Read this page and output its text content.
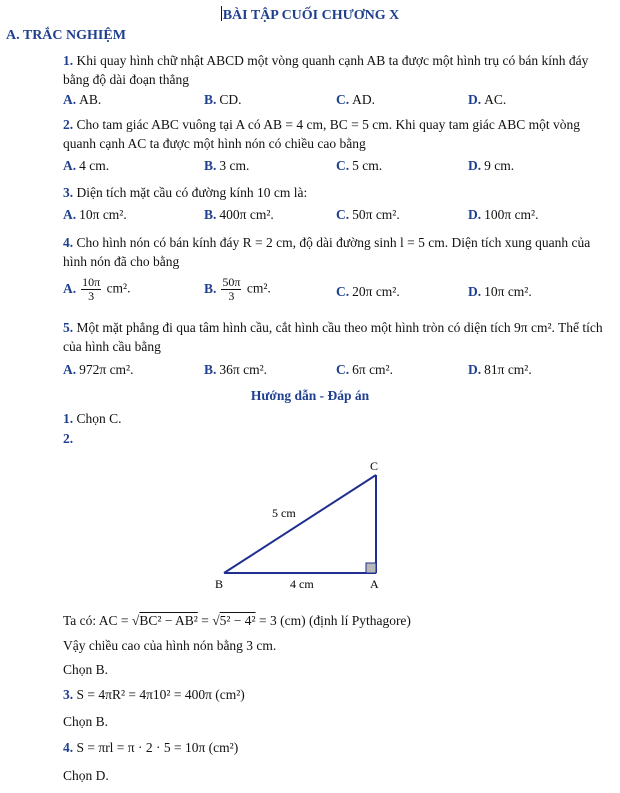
BÀI TẬP CUỐI CHƯƠNG X
A. TRẮC NGHIỆM
1. Khi quay hình chữ nhật ABCD một vòng quanh cạnh AB ta được một hình trụ có bán kính đáy bằng độ dài đoạn thẳng
A. AB.	B. CD.	C. AD.	D. AC.
2. Cho tam giác ABC vuông tại A có AB = 4 cm, BC = 5 cm. Khi quay tam giác ABC một vòng quanh cạnh AC ta được một hình nón có chiều cao bằng
A. 4 cm.	B. 3 cm.	C. 5 cm.	D. 9 cm.
3. Diện tích mặt cầu có đường kính 10 cm là:
A. 10π cm².	B. 400π cm².	C. 50π cm².	D. 100π cm².
4. Cho hình nón có bán kính đáy R = 2 cm, độ dài đường sinh l = 5 cm. Diện tích xung quanh của hình nón đã cho bằng
A. $\frac{10\pi}{3} cm^2$.	B. $\frac{50\pi}{3} cm^2$.	C. 20π cm².	D. 10π cm².
5. Một mặt phẳng đi qua tâm hình cầu, cắt hình cầu theo một hình tròn có diện tích 9π cm². Thể tích của hình cầu bằng
A. 972π cm².	B. 36π cm².	C. 6π cm².	D. 81π cm².
Hướng dẫn - Đáp án
1. Chọn C.
2.
C
B	A
5 cm
4 cm
Ta có: AC = √BC² − AB² = √5² − 4² = 3 (cm) (định lí Pythagore)
Vậy chiều cao của hình nón bằng 3 cm.
Chọn B.
3. S = 4πR² = 4π10² = 400π (cm²)
Chọn B.
4. S = πrl = π · 2 · 5 = 10π (cm²)
Chọn D.
